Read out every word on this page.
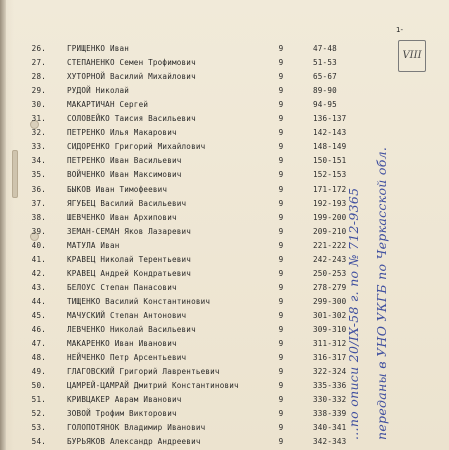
1-
VIII
26.	ГРИЩЕНКО Иван	9	47-48
27.	СТЕПАНЕНКО Семен Трофимович	9	51-53
28.	ХУТОРНОЙ Василий Михайлович	9	65-67
29.	РУДОЙ Николай	9	89-90
30.	МАКАРТИЧАН Сергей	9	94-95
31.	СОЛОВЕЙКО Таисия Васильевич	9	136-137
32.	ПЕТРЕНКО Илья Макарович	9	142-143
33.	СИДОРЕНКО Григорий Михайлович	9	148-149
34.	ПЕТРЕНКО Иван Васильевич	9	150-151
35.	ВОЙЧЕНКО Иван Максимович	9	152-153
36.	БЫКОВ Иван Тимофеевич	9	171-172
37.	ЯГУБЕЦ Василий Васильевич	9	192-193
38.	ШЕВЧЕНКО Иван Архипович	9	199-200
39.	ЗЕМАН-СЕМАН Яков Лазаревич	9	209-210
40.	МАТУЛА Иван	9	221-222
41.	КРАВЕЦ Николай Терентьевич	9	242-243
42.	КРАВЕЦ Андрей Кондратьевич	9	250-253
43.	БЕЛОУС Степан Панасович	9	278-279
44.	ТИЩЕНКО Василий Константинович	9	299-300
45.	МАЧУСКИЙ Степан Антонович	9	301-302
46.	ЛЕВЧЕНКО Николай Васильевич	9	309-310
47.	МАКАРЕНКО Иван Иванович	9	311-312
48.	НЕЙЧЕНКО Петр Арсентьевич	9	316-317
49.	ГЛАГОВСКИЙ Григорий Лаврентьевич	9	322-324
50.	ЦАМРЕЙ-ЦАМРАЙ Дмитрий Константинович	9	335-336
51.	КРИВЦАКЕР Аврам Иванович	9	330-332
52.	ЗОВОЙ Трофим Викторович	9	338-339
53.	ГОЛОПОТЯНОК Владимир Иванович	9	340-341
54.	БУРЬЯКОВ Александр Андреевич	9	342-343
...по описи 20/IX-58 г. по № 712-9365 переданы в УНО УКГБ по Черкасской обл.
